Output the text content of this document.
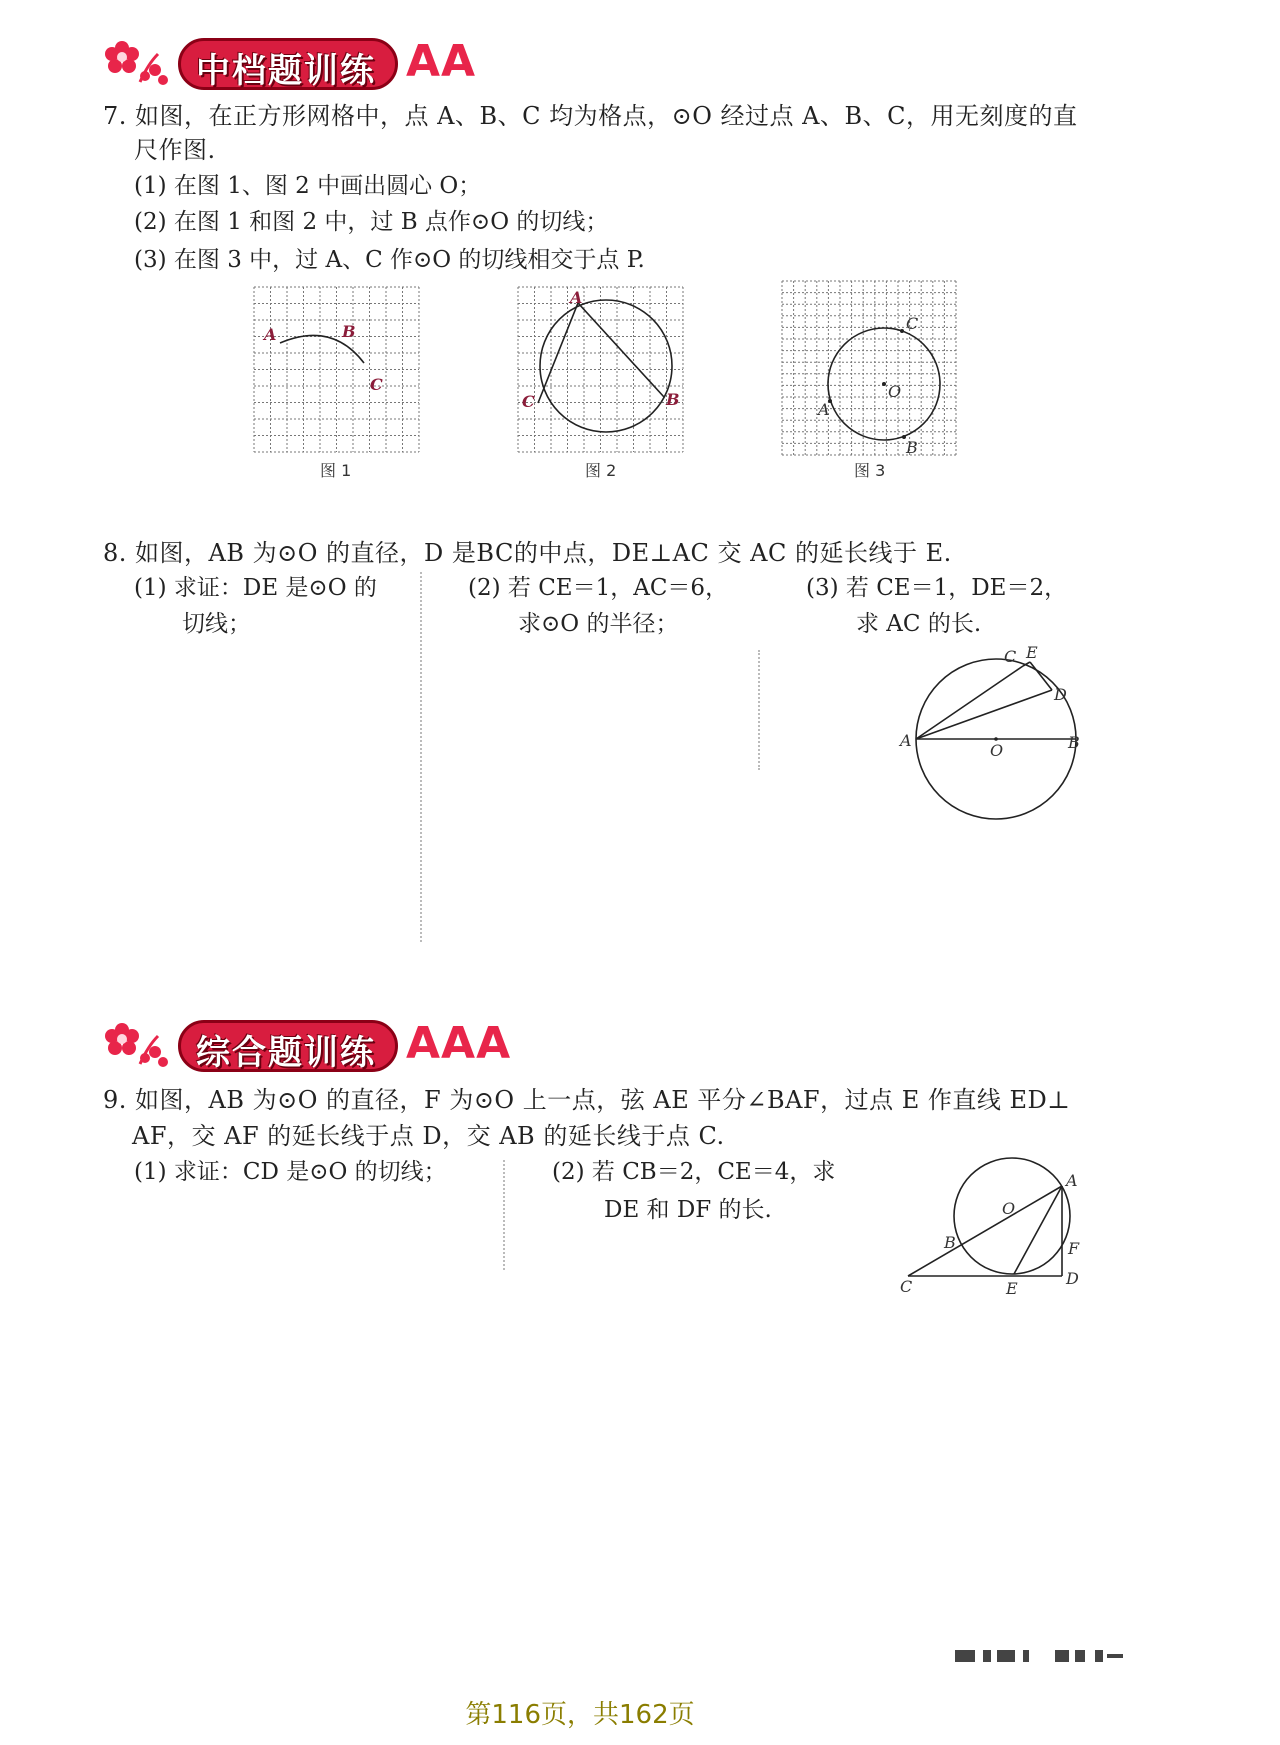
中档题训练 AA
7. 如图，在正方形网格中，点 A、B、C 均为格点，⊙O 经过点 A、B、C，用无刻度的直
尺作图.
(1) 在图 1、图 2 中画出圆心 O；
(2) 在图 1 和图 2 中，过 B 点作⊙O 的切线；
(3) 在图 3 中，过 A、C 作⊙O 的切线相交于点 P.
A	B
C
图 1
A
B
C
图 2
C
O
A
B
图 3
8. 如图，AB 为⊙O 的直径，D 是BC的中点，DE⊥AC 交 AC 的延长线于 E.
(1) 求证：DE 是⊙O 的
切线；
(2) 若 CE＝1，AC＝6，
求⊙O 的半径；
(3) 若 CE＝1，DE＝2，
求 AC 的长.
A	B
C E
D
O
综合题训练 AAA
9. 如图，AB 为⊙O 的直径，F 为⊙O 上一点，弦 AE 平分∠BAF，过点 E 作直线 ED⊥
AF，交 AF 的延长线于点 D，交 AB 的延长线于点 C.
(1) 求证：CD 是⊙O 的切线；	(2) 若 CB＝2，CE＝4，求
DE 和 DF 的长.
A
O
B	F
C	E
D
第116页，共162页
